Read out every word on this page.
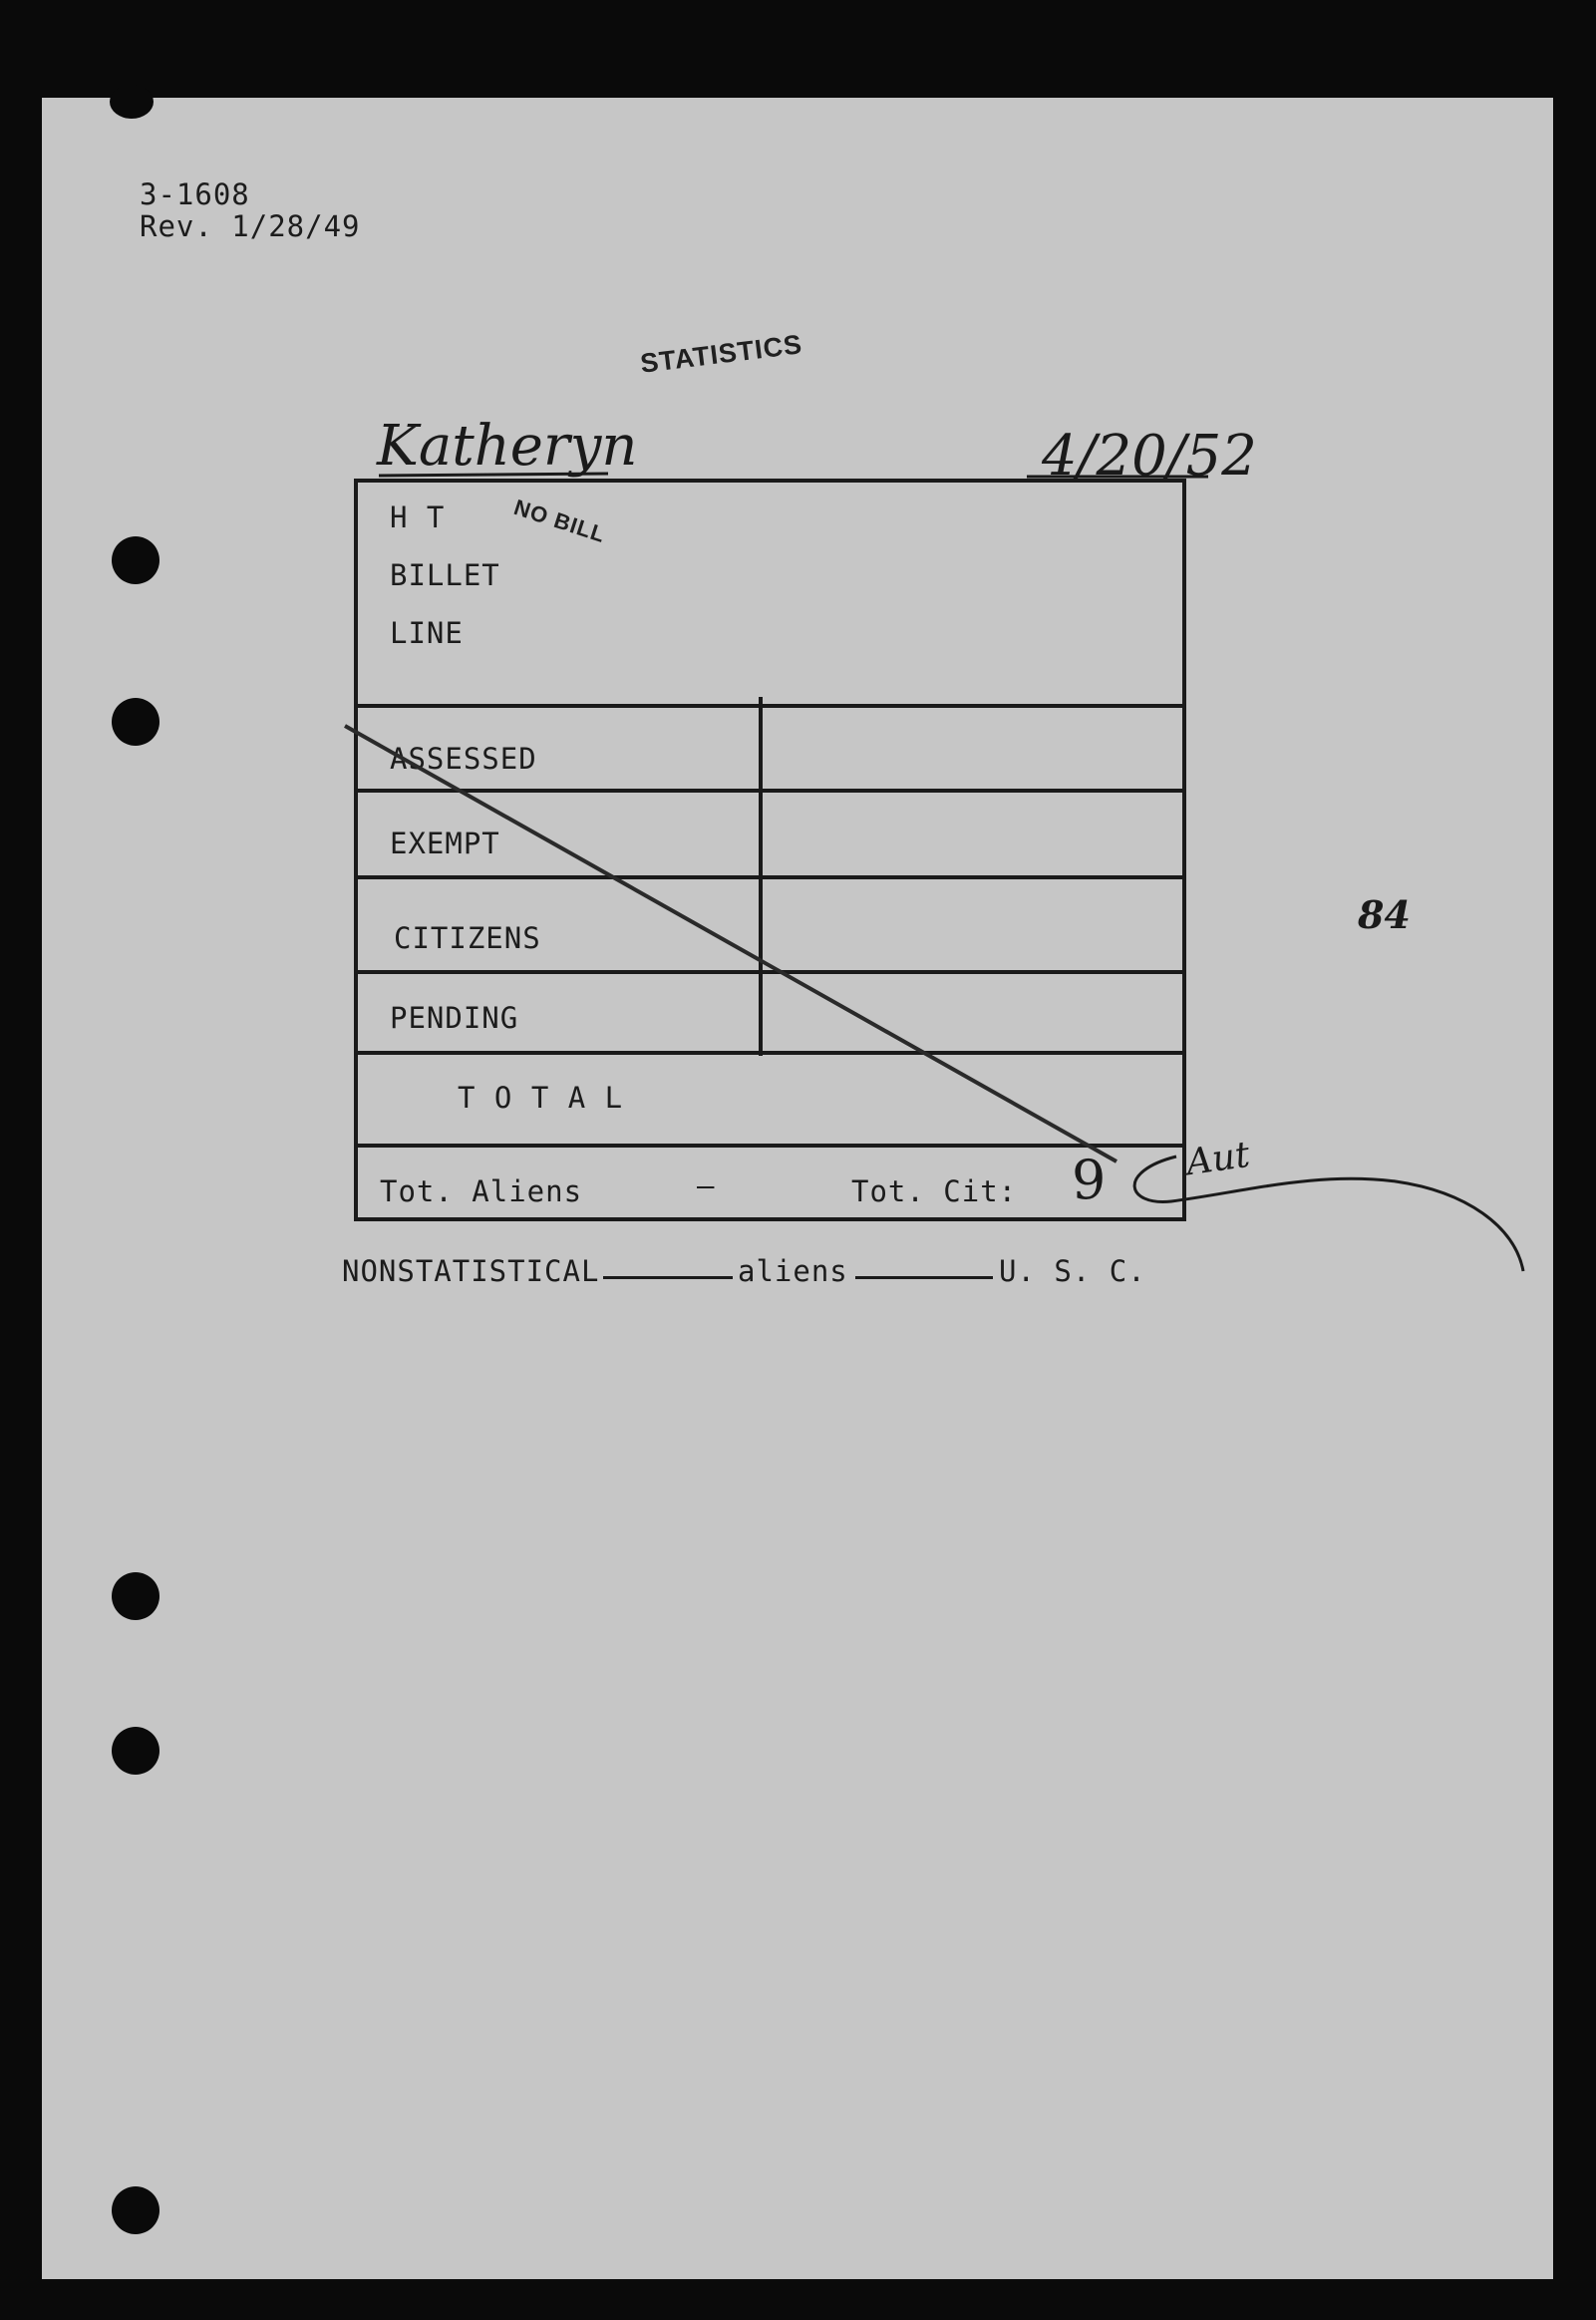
3-1608
Rev. 1/28/49
STATISTICS
Katheryn	4/20/52
H T
BILLET
LINE
ASSESSED
EXEMPT
CITIZENS
PENDING
T O T A L
Tot. Aliens	—	Tot. Cit: 9
NO BILL
Aut
84
NONSTATISTICAL	aliens	U. S. C.
